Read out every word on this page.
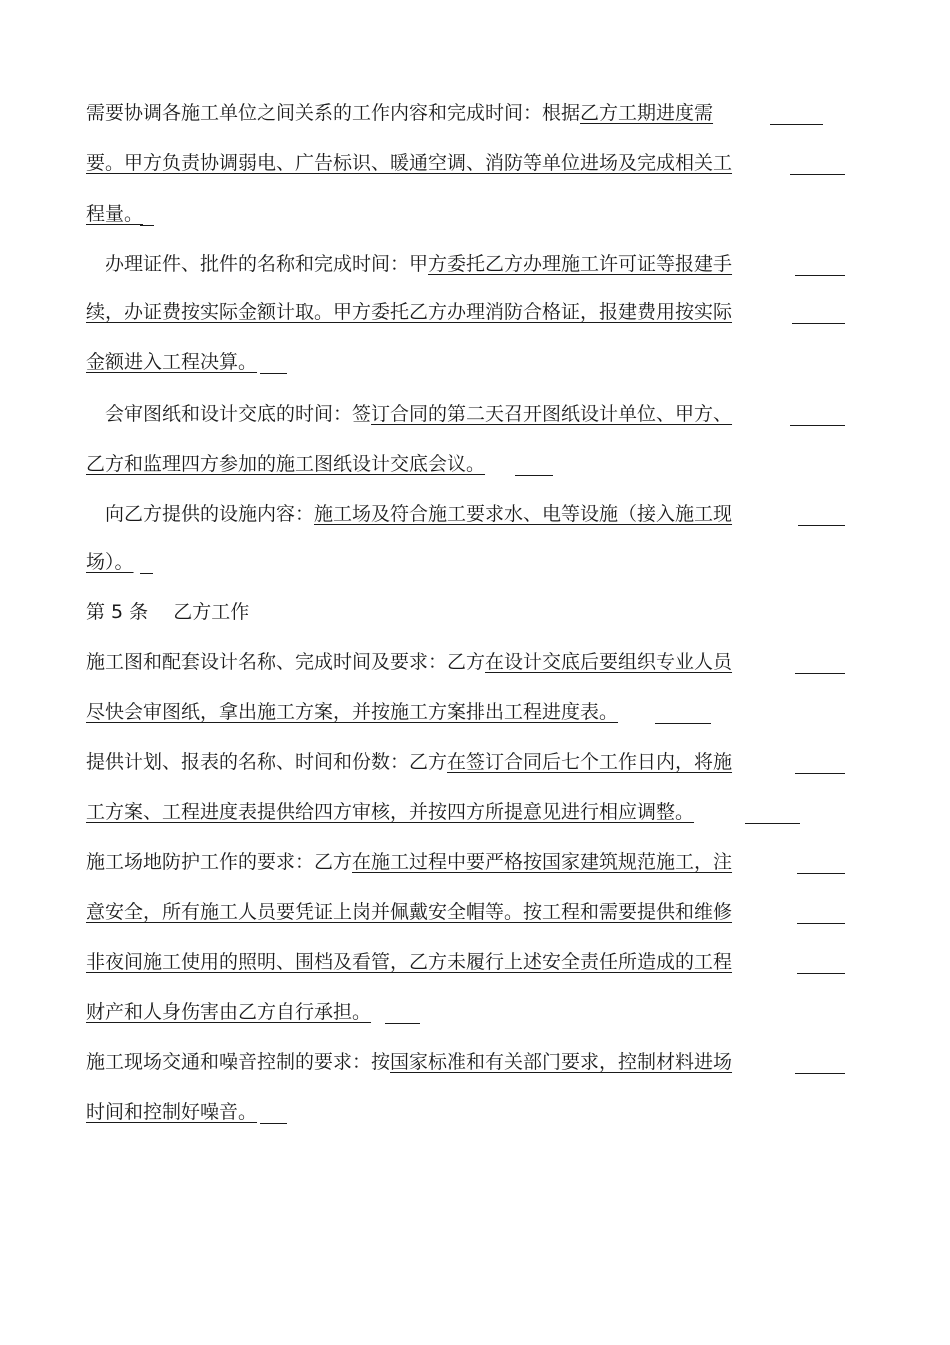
需要协调各施工单位之间关系的工作内容和完成时间：根据乙方工期进度需
要。甲方负责协调弱电、广告标识、暖通空调、消防等单位进场及完成相关工
程量。
　办理证件、批件的名称和完成时间：甲方委托乙方办理施工许可证等报建手
续，办证费按实际金额计取。甲方委托乙方办理消防合格证，报建费用按实际
金额进入工程决算。
　会审图纸和设计交底的时间：签订合同的第二天召开图纸设计单位、甲方、
乙方和监理四方参加的施工图纸设计交底会议。
　向乙方提供的设施内容：施工场及符合施工要求水、电等设施（接入施工现
场）。
第 5 条　 乙方工作
施工图和配套设计名称、完成时间及要求：乙方在设计交底后要组织专业人员
尽快会审图纸，拿出施工方案，并按施工方案排出工程进度表。
提供计划、报表的名称、时间和份数：乙方在签订合同后七个工作日内，将施
工方案、工程进度表提供给四方审核，并按四方所提意见进行相应调整。
施工场地防护工作的要求：乙方在施工过程中要严格按国家建筑规范施工，注
意安全，所有施工人员要凭证上岗并佩戴安全帽等。按工程和需要提供和维修
非夜间施工使用的照明、围档及看管，乙方未履行上述安全责任所造成的工程
财产和人身伤害由乙方自行承担。
施工现场交通和噪音控制的要求：按国家标准和有关部门要求，控制材料进场
时间和控制好噪音。
